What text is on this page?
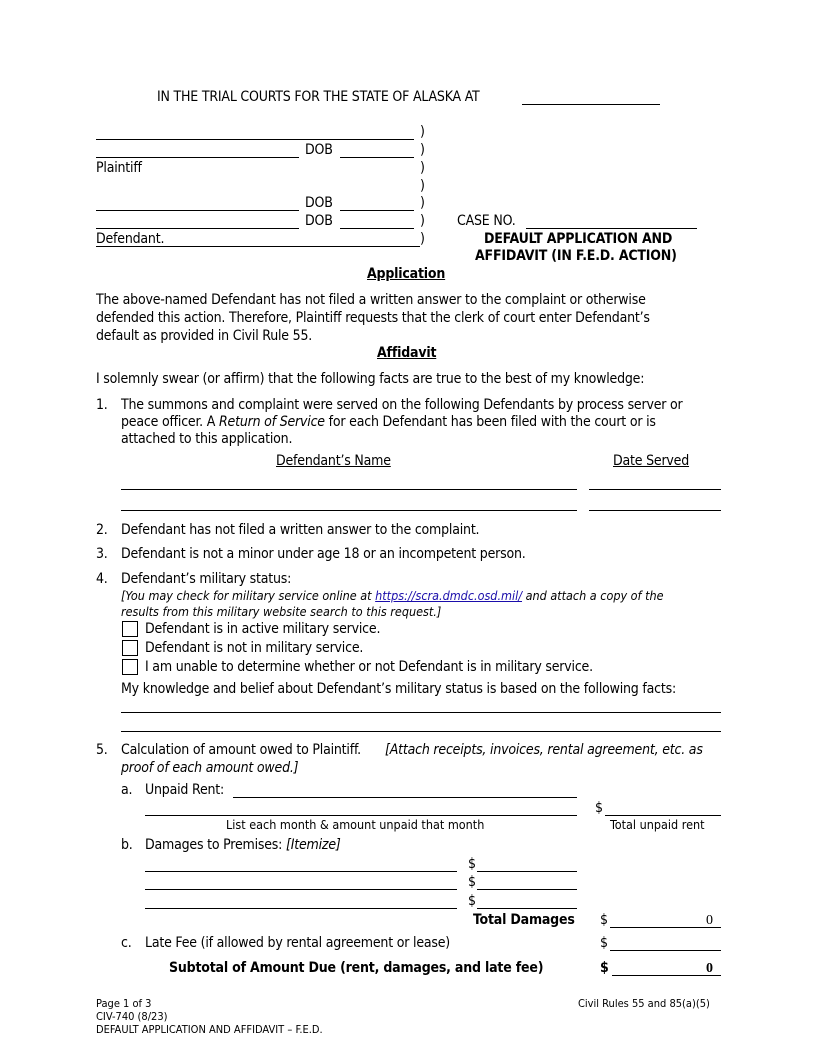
IN THE TRIAL COURTS FOR THE STATE OF ALASKA AT
)
DOB	)
Plaintiff	)
)
DOB	)
DOB	)
Defendant.	)
CASE NO.
DEFAULT APPLICATION AND
AFFIDAVIT (IN F.E.D. ACTION)
Application
The above-named Defendant has not filed a written answer to the complaint or otherwise
defended this action. Therefore, Plaintiff requests that the clerk of court enter Defendant’s
default as provided in Civil Rule 55.
Affidavit
I solemnly swear (or affirm) that the following facts are true to the best of my knowledge:
1. The summons and complaint were served on the following Defendants by process server or
peace officer. A Return of Service for each Defendant has been filed with the court or is
attached to this application.
Defendant’s Name	Date Served
2. Defendant has not filed a written answer to the complaint.
3. Defendant is not a minor under age 18 or an incompetent person.
4. Defendant’s military status:
[You may check for military service online at https://scra.dmdc.osd.mil/ and attach a copy of the
results from this military website search to this request.]
Defendant is in active military service.
Defendant is not in military service.
I am unable to determine whether or not Defendant is in military service.
My knowledge and belief about Defendant’s military status is based on the following facts:
5. Calculation of amount owed to Plaintiff. [Attach receipts, invoices, rental agreement, etc. as
proof of each amount owed.]
a. Unpaid Rent:
$
List each month & amount unpaid that month	Total unpaid rent
b. Damages to Premises: [Itemize]
$
$
$
Total Damages $	0
c. Late Fee (if allowed by rental agreement or lease)	$
Subtotal of Amount Due (rent, damages, and late fee)	$	0
Page 1 of 3
CIV-740 (8/23)
DEFAULT APPLICATION AND AFFIDAVIT – F.E.D.
Civil Rules 55 and 85(a)(5)
